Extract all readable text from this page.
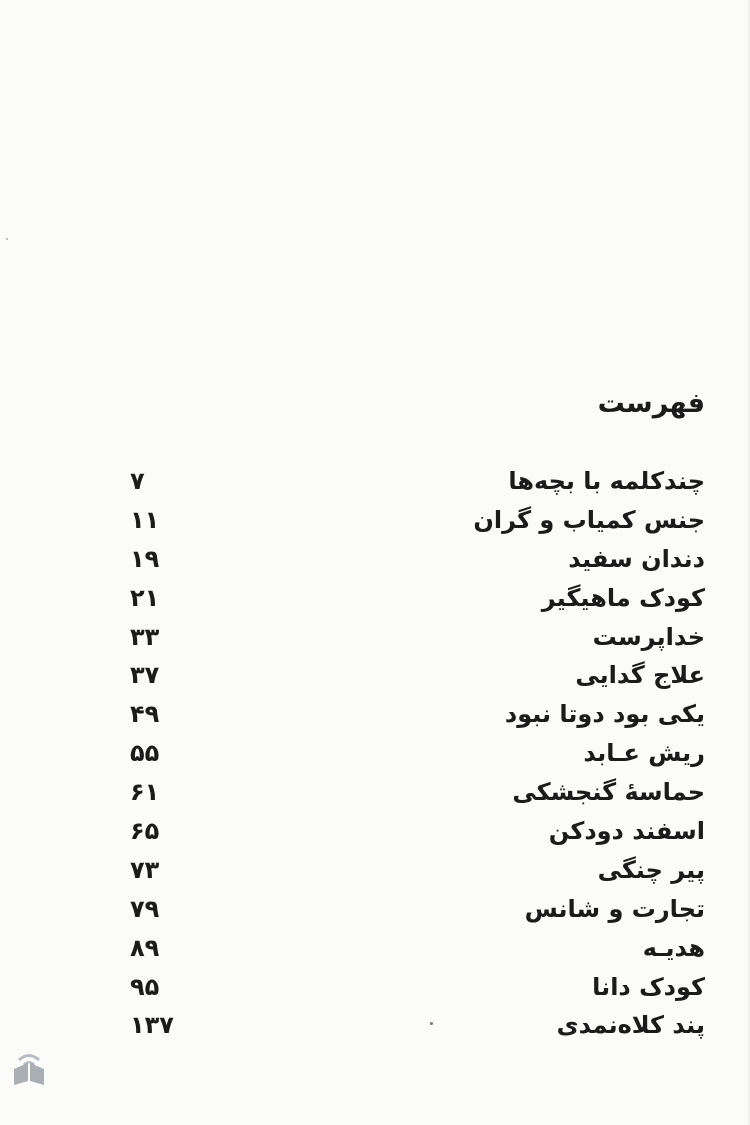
فهرست
چندکلمه با بچه‌ها
۷
جنس کمیاب و گران
۱۱
دندان سفید
۱۹
کودک ماهیگیر
۲۱
خداپرست
۳۳
علاج گدایی
۳۷
یکی بود دوتا نبود
۴۹
ریش عـابد
۵۵
حماسهٔ گنجشکی
۶۱
اسفند دودکن
۶۵
پیر چنگی
۷۳
تجارت و شانس
۷۹
هدیـه
۸۹
کودک دانا
۹۵
پند کلاه‌نمدی
۱۳۷
